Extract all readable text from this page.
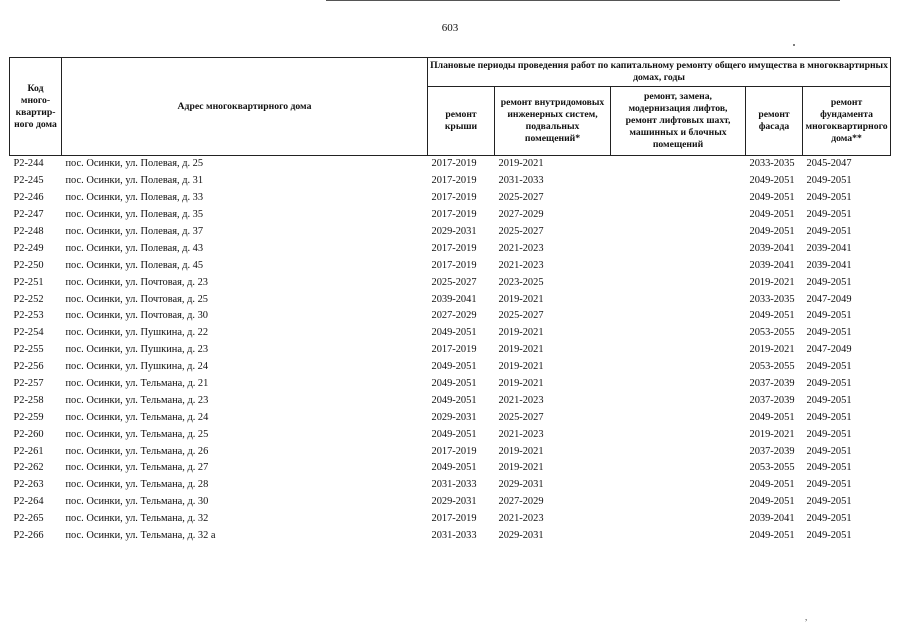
603
Код много-квартир-ного дома	Адрес многоквартирного дома	Плановые периоды проведения работ по капитальному ремонту общего имущества в многоквартирных домах, годы				
		ремонт крыши	ремонт внутридомовых инженерных систем, подвальных помещений*	ремонт, замена, модернизация лифтов, ремонт лифтовых шахт, машинных и блочных помещений	ремонт фасада	ремонт фундамента многоквартирного дома**
P2-244	пос. Осинки, ул. Полевая, д. 25	2017-2019	2019-2021		2033-2035	2045-2047
P2-245	пос. Осинки, ул. Полевая, д. 31	2017-2019	2031-2033		2049-2051	2049-2051
P2-246	пос. Осинки, ул. Полевая, д. 33	2017-2019	2025-2027		2049-2051	2049-2051
P2-247	пос. Осинки, ул. Полевая, д. 35	2017-2019	2027-2029		2049-2051	2049-2051
P2-248	пос. Осинки, ул. Полевая, д. 37	2029-2031	2025-2027		2049-2051	2049-2051
P2-249	пос. Осинки, ул. Полевая, д. 43	2017-2019	2021-2023		2039-2041	2039-2041
P2-250	пос. Осинки, ул. Полевая, д. 45	2017-2019	2021-2023		2039-2041	2039-2041
P2-251	пос. Осинки, ул. Почтовая, д. 23	2025-2027	2023-2025		2019-2021	2049-2051
P2-252	пос. Осинки, ул. Почтовая, д. 25	2039-2041	2019-2021		2033-2035	2047-2049
P2-253	пос. Осинки, ул. Почтовая, д. 30	2027-2029	2025-2027		2049-2051	2049-2051
P2-254	пос. Осинки, ул. Пушкина, д. 22	2049-2051	2019-2021		2053-2055	2049-2051
P2-255	пос. Осинки, ул. Пушкина, д. 23	2017-2019	2019-2021		2019-2021	2047-2049
P2-256	пос. Осинки, ул. Пушкина, д. 24	2049-2051	2019-2021		2053-2055	2049-2051
P2-257	пос. Осинки, ул. Тельмана, д. 21	2049-2051	2019-2021		2037-2039	2049-2051
P2-258	пос. Осинки, ул. Тельмана, д. 23	2049-2051	2021-2023		2037-2039	2049-2051
P2-259	пос. Осинки, ул. Тельмана, д. 24	2029-2031	2025-2027		2049-2051	2049-2051
P2-260	пос. Осинки, ул. Тельмана, д. 25	2049-2051	2021-2023		2019-2021	2049-2051
P2-261	пос. Осинки, ул. Тельмана, д. 26	2017-2019	2019-2021		2037-2039	2049-2051
P2-262	пос. Осинки, ул. Тельмана, д. 27	2049-2051	2019-2021		2053-2055	2049-2051
P2-263	пос. Осинки, ул. Тельмана, д. 28	2031-2033	2029-2031		2049-2051	2049-2051
P2-264	пос. Осинки, ул. Тельмана, д. 30	2029-2031	2027-2029		2049-2051	2049-2051
P2-265	пос. Осинки, ул. Тельмана, д. 32	2017-2019	2021-2023		2039-2041	2049-2051
P2-266	пос. Осинки, ул. Тельмана, д. 32 а	2031-2033	2029-2031		2049-2051	2049-2051
,
